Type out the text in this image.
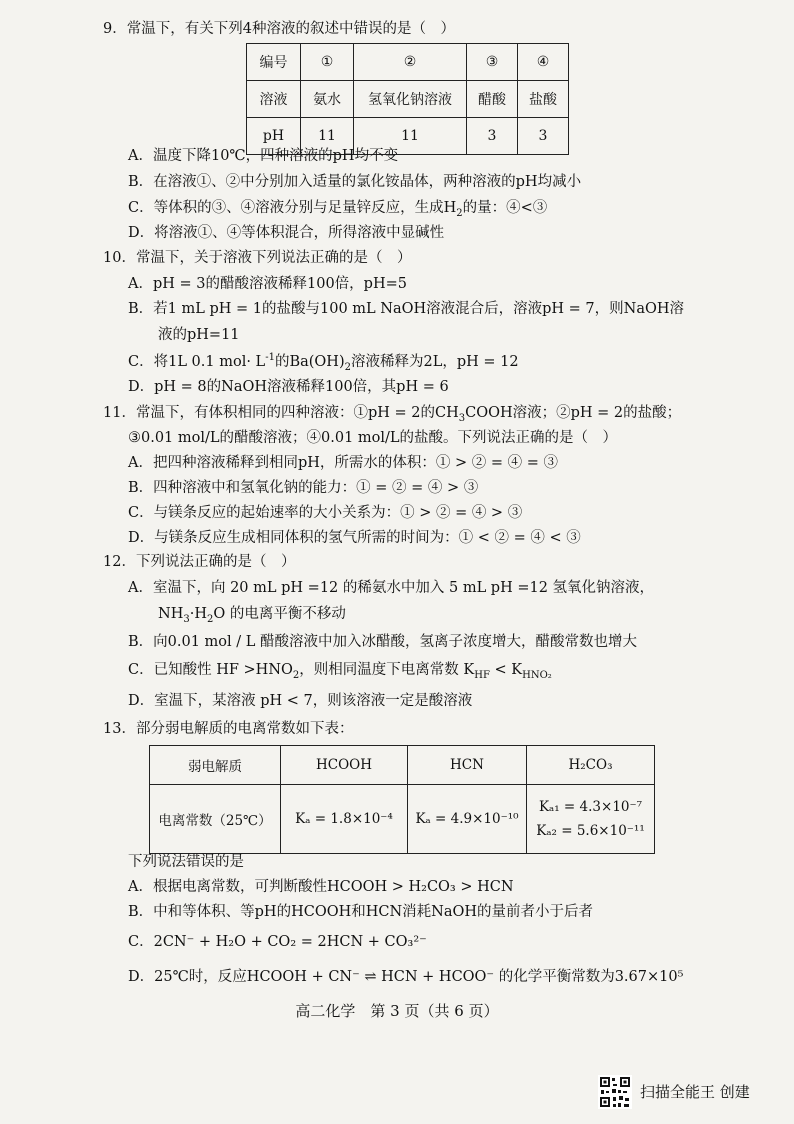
9．常温下，有关下列4种溶液的叙述中错误的是（　）
编号	①	②	③	④
溶液	氨水	氢氧化钠溶液	醋酸	盐酸
pH	11	11	3	3
A．温度下降10℃，四种溶液的pH均不变
B．在溶液①、②中分别加入适量的氯化铵晶体，两种溶液的pH均减小
C．等体积的③、④溶液分别与足量锌反应，生成$H_2$的量：④<③
D．将溶液①、④等体积混合，所得溶液中显碱性
10．常温下，关于溶液下列说法正确的是（　）
A．pH = 3的醋酸溶液稀释100倍，pH=5
B．若1 mL pH = 1的盐酸与100 mL NaOH溶液混合后，溶液pH = 7，则NaOH溶
液的pH=11
C．将1L 0.1 $mol\cdot L^{-1}$的$Ba(OH)_2$溶液稀释为2L，pH = 12
D．pH = 8的NaOH溶液稀释100倍，其pH = 6
11．常温下，有体积相同的四种溶液：①pH = 2的$CH_3COOH$溶液；②pH = 2的盐酸；
③0.01 mol/L的醋酸溶液；④0.01 mol/L的盐酸。下列说法正确的是（　）
A．把四种溶液稀释到相同pH，所需水的体积：① > ② = ④ = ③
B．四种溶液中和氢氧化钠的能力：① = ② = ④ > ③
C．与镁条反应的起始速率的大小关系为：① > ② = ④ > ③
D．与镁条反应生成相同体积的氢气所需的时间为：① < ② = ④ < ③
12．下列说法正确的是（　）
A．室温下，向 20 mL pH =12 的稀氨水中加入 5 mL pH =12 氢氧化钠溶液，
$NH_3\cdot H_2O$ 的电离平衡不移动
B．向0.01 mol / L 醋酸溶液中加入冰醋酸，氢离子浓度增大，醋酸常数也增大
C．已知酸性 HF $>HNO_2$，则相同温度下电离常数 $K_{HF} < K_{HNO_2}$
D．室温下，某溶液 pH < 7，则该溶液一定是酸溶液
13．部分弱电解质的电离常数如下表：
弱电解质	HCOOH	HCN	H₂CO₃
电离常数（25℃）	Kₐ = 1.8×10⁻⁴	Kₐ = 4.9×10⁻¹⁰	Kₐ₁ = 4.3×10⁻⁷
Kₐ₂ = 5.6×10⁻¹¹
下列说法错误的是
A．根据电离常数，可判断酸性HCOOH > H₂CO₃ > HCN
B．中和等体积、等pH的HCOOH和HCN消耗NaOH的量前者小于后者
C．2CN⁻ + H₂O + CO₂ = 2HCN + CO₃²⁻
D．25℃时，反应HCOOH + CN⁻ ⇌ HCN + HCOO⁻ 的化学平衡常数为3.67×10⁵
高二化学　第 3 页（共 6 页）
扫描全能王 创建
